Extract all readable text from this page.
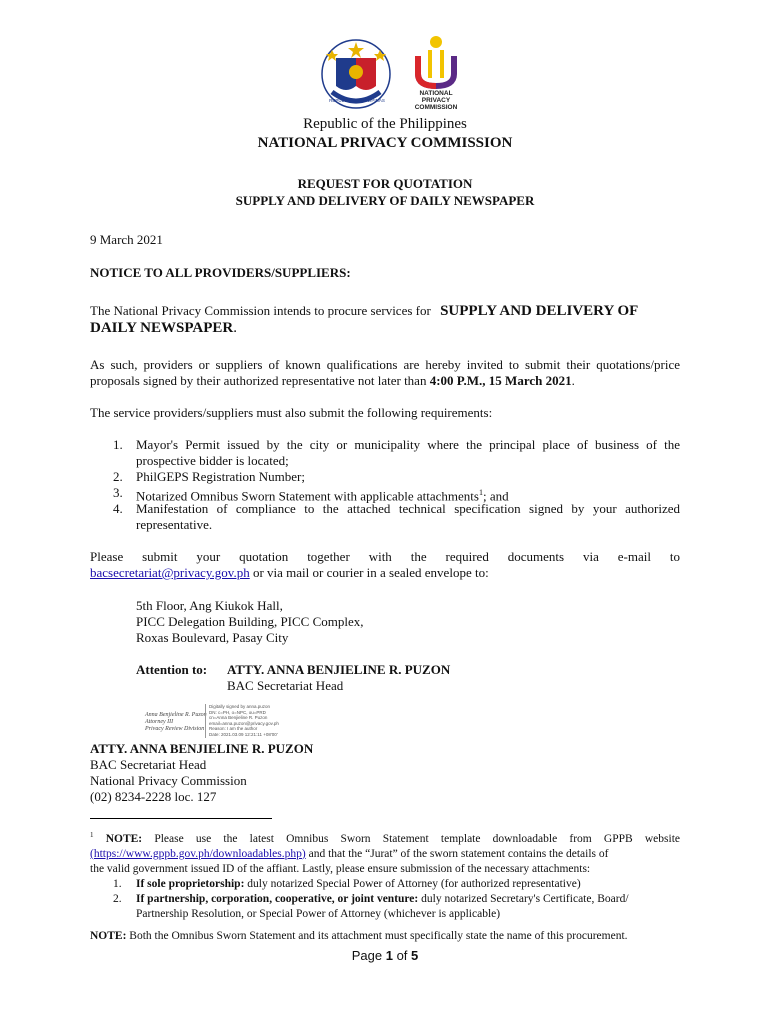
REPUBLIKA NG PILIPINAS
NATIONAL
PRIVACY
COMMISSION
Republic of the Philippines
NATIONAL PRIVACY COMMISSION
REQUEST FOR QUOTATION
SUPPLY AND DELIVERY OF DAILY NEWSPAPER
9 March 2021
NOTICE TO ALL PROVIDERS/SUPPLIERS:
The National Privacy Commission intends to procure services for SUPPLY AND DELIVERY OF
DAILY NEWSPAPER.
As such, providers or suppliers of known qualifications are hereby invited to submit their quotations/price
proposals signed by their authorized representative not later than 4:00 P.M., 15 March 2021.
The service providers/suppliers must also submit the following requirements:
1. Mayor's Permit issued by the city or municipality where the principal place of business of the
prospective bidder is located;
2. PhilGEPS Registration Number;
3. Notarized Omnibus Sworn Statement with applicable attachments$^1$; and
4. Manifestation of compliance to the attached technical specification signed by your authorized
representative.
Please submit your quotation together with the required documents via e-mail to
bacsecretariat@privacy.gov.ph or via mail or courier in a sealed envelope to:
5th Floor, Ang Kiukok Hall,
PICC Delegation Building, PICC Complex,
Roxas Boulevard, Pasay City
Attention to: ATTY. ANNA BENJIELINE R. PUZON
BAC Secretariat Head
Anna Benjieline R. Puzon
Attorney III
Privacy Review Division
Digitally signed by anna.puzon
DN: c=PH, o=NPC, ou=PRD
cn=Anna Benjieline R. Puzon
email=anna.puzon@privacy.gov.ph
Reason: I am the author
Date: 2021.03.09 12:21:11 +08'00'
ATTY. ANNA BENJIELINE R. PUZON
BAC Secretariat Head
National Privacy Commission
(02) 8234-2228 loc. 127
$^1$ NOTE: Please use the latest Omnibus Sworn Statement template downloadable from GPPB website
(https://www.gppb.gov.ph/downloadables.php) and that the “Jurat” of the sworn statement contains the details of
the valid government issued ID of the affiant. Lastly, please ensure submission of the necessary attachments:
1. If sole proprietorship: duly notarized Special Power of Attorney (for authorized representative)
2. If partnership, corporation, cooperative, or joint venture: duly notarized Secretary's Certificate, Board/
Partnership Resolution, or Special Power of Attorney (whichever is applicable)
NOTE: Both the Omnibus Sworn Statement and its attachment must specifically state the name of this procurement.
Page 1 of 5
